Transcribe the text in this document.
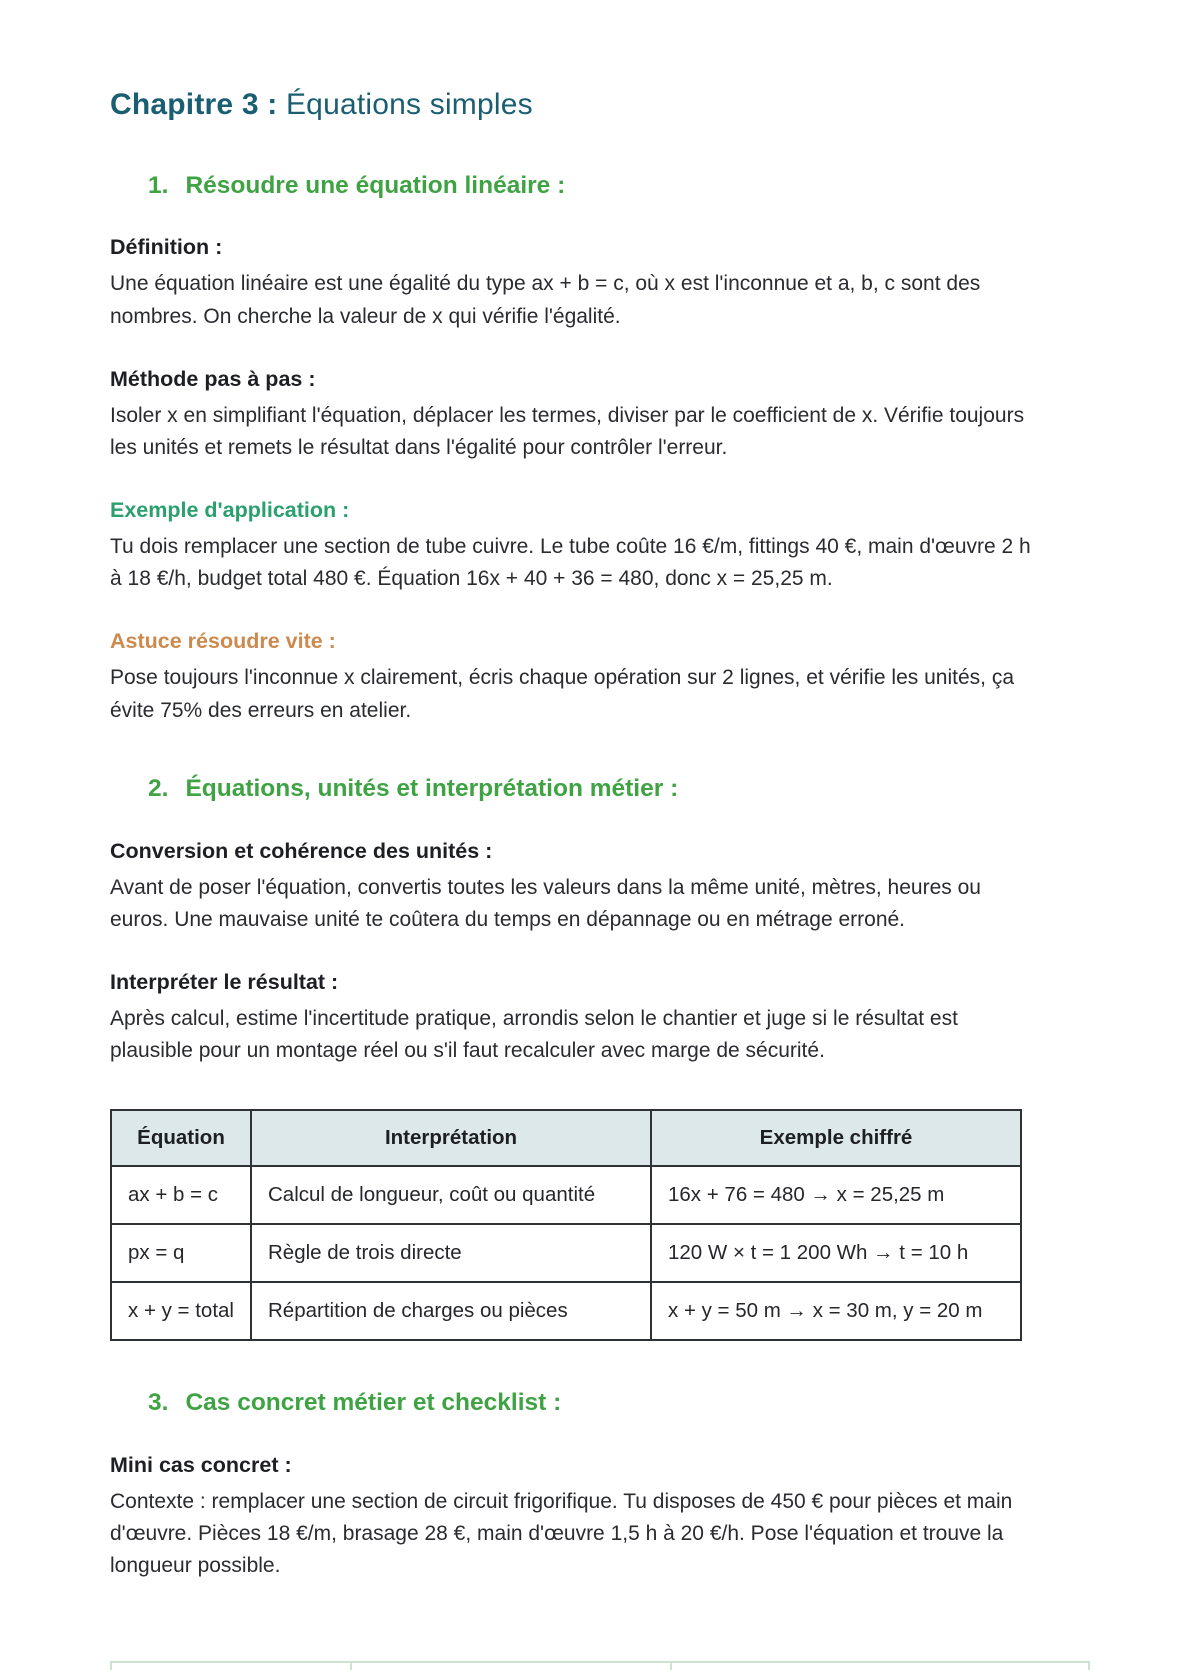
Chapitre 3 : Équations simples
1. Résoudre une équation linéaire :
Définition :

Une équation linéaire est une égalité du type ax + b = c, où x est l'inconnue et a, b, c sont des nombres. On cherche la valeur de x qui vérifie l'égalité.

Méthode pas à pas :

Isoler x en simplifiant l'équation, déplacer les termes, diviser par le coefficient de x. Vérifie toujours les unités et remets le résultat dans l'égalité pour contrôler l'erreur.

Exemple d'application :

Tu dois remplacer une section de tube cuivre. Le tube coûte 16 €/m, fittings 40 €, main d'œuvre 2 h à 18 €/h, budget total 480 €. Équation 16x + 40 + 36 = 480, donc x = 25,25 m.

Astuce résoudre vite :

Pose toujours l'inconnue x clairement, écris chaque opération sur 2 lignes, et vérifie les unités, ça évite 75% des erreurs en atelier.

2. Équations, unités et interprétation métier :
Conversion et cohérence des unités :

Avant de poser l'équation, convertis toutes les valeurs dans la même unité, mètres, heures ou euros. Une mauvaise unité te coûtera du temps en dépannage ou en métrage erroné.

Interpréter le résultat :

Après calcul, estime l'incertitude pratique, arrondis selon le chantier et juge si le résultat est plausible pour un montage réel ou s'il faut recalculer avec marge de sécurité.

Équation	Interprétation	Exemple chiffré
ax + b = c	Calcul de longueur, coût ou quantité	16x + 76 = 480 → x = 25,25 m
px = q	Règle de trois directe	120 W × t = 1 200 Wh → t = 10 h
x + y = total	Répartition de charges ou pièces	x + y = 50 m → x = 30 m, y = 20 m
3. Cas concret métier et checklist :
Mini cas concret :

Contexte : remplacer une section de circuit frigorifique. Tu disposes de 450 € pour pièces et main d'œuvre. Pièces 18 €/m, brasage 28 €, main d'œuvre 1,5 h à 20 €/h. Pose l'équation et trouve la longueur possible.
